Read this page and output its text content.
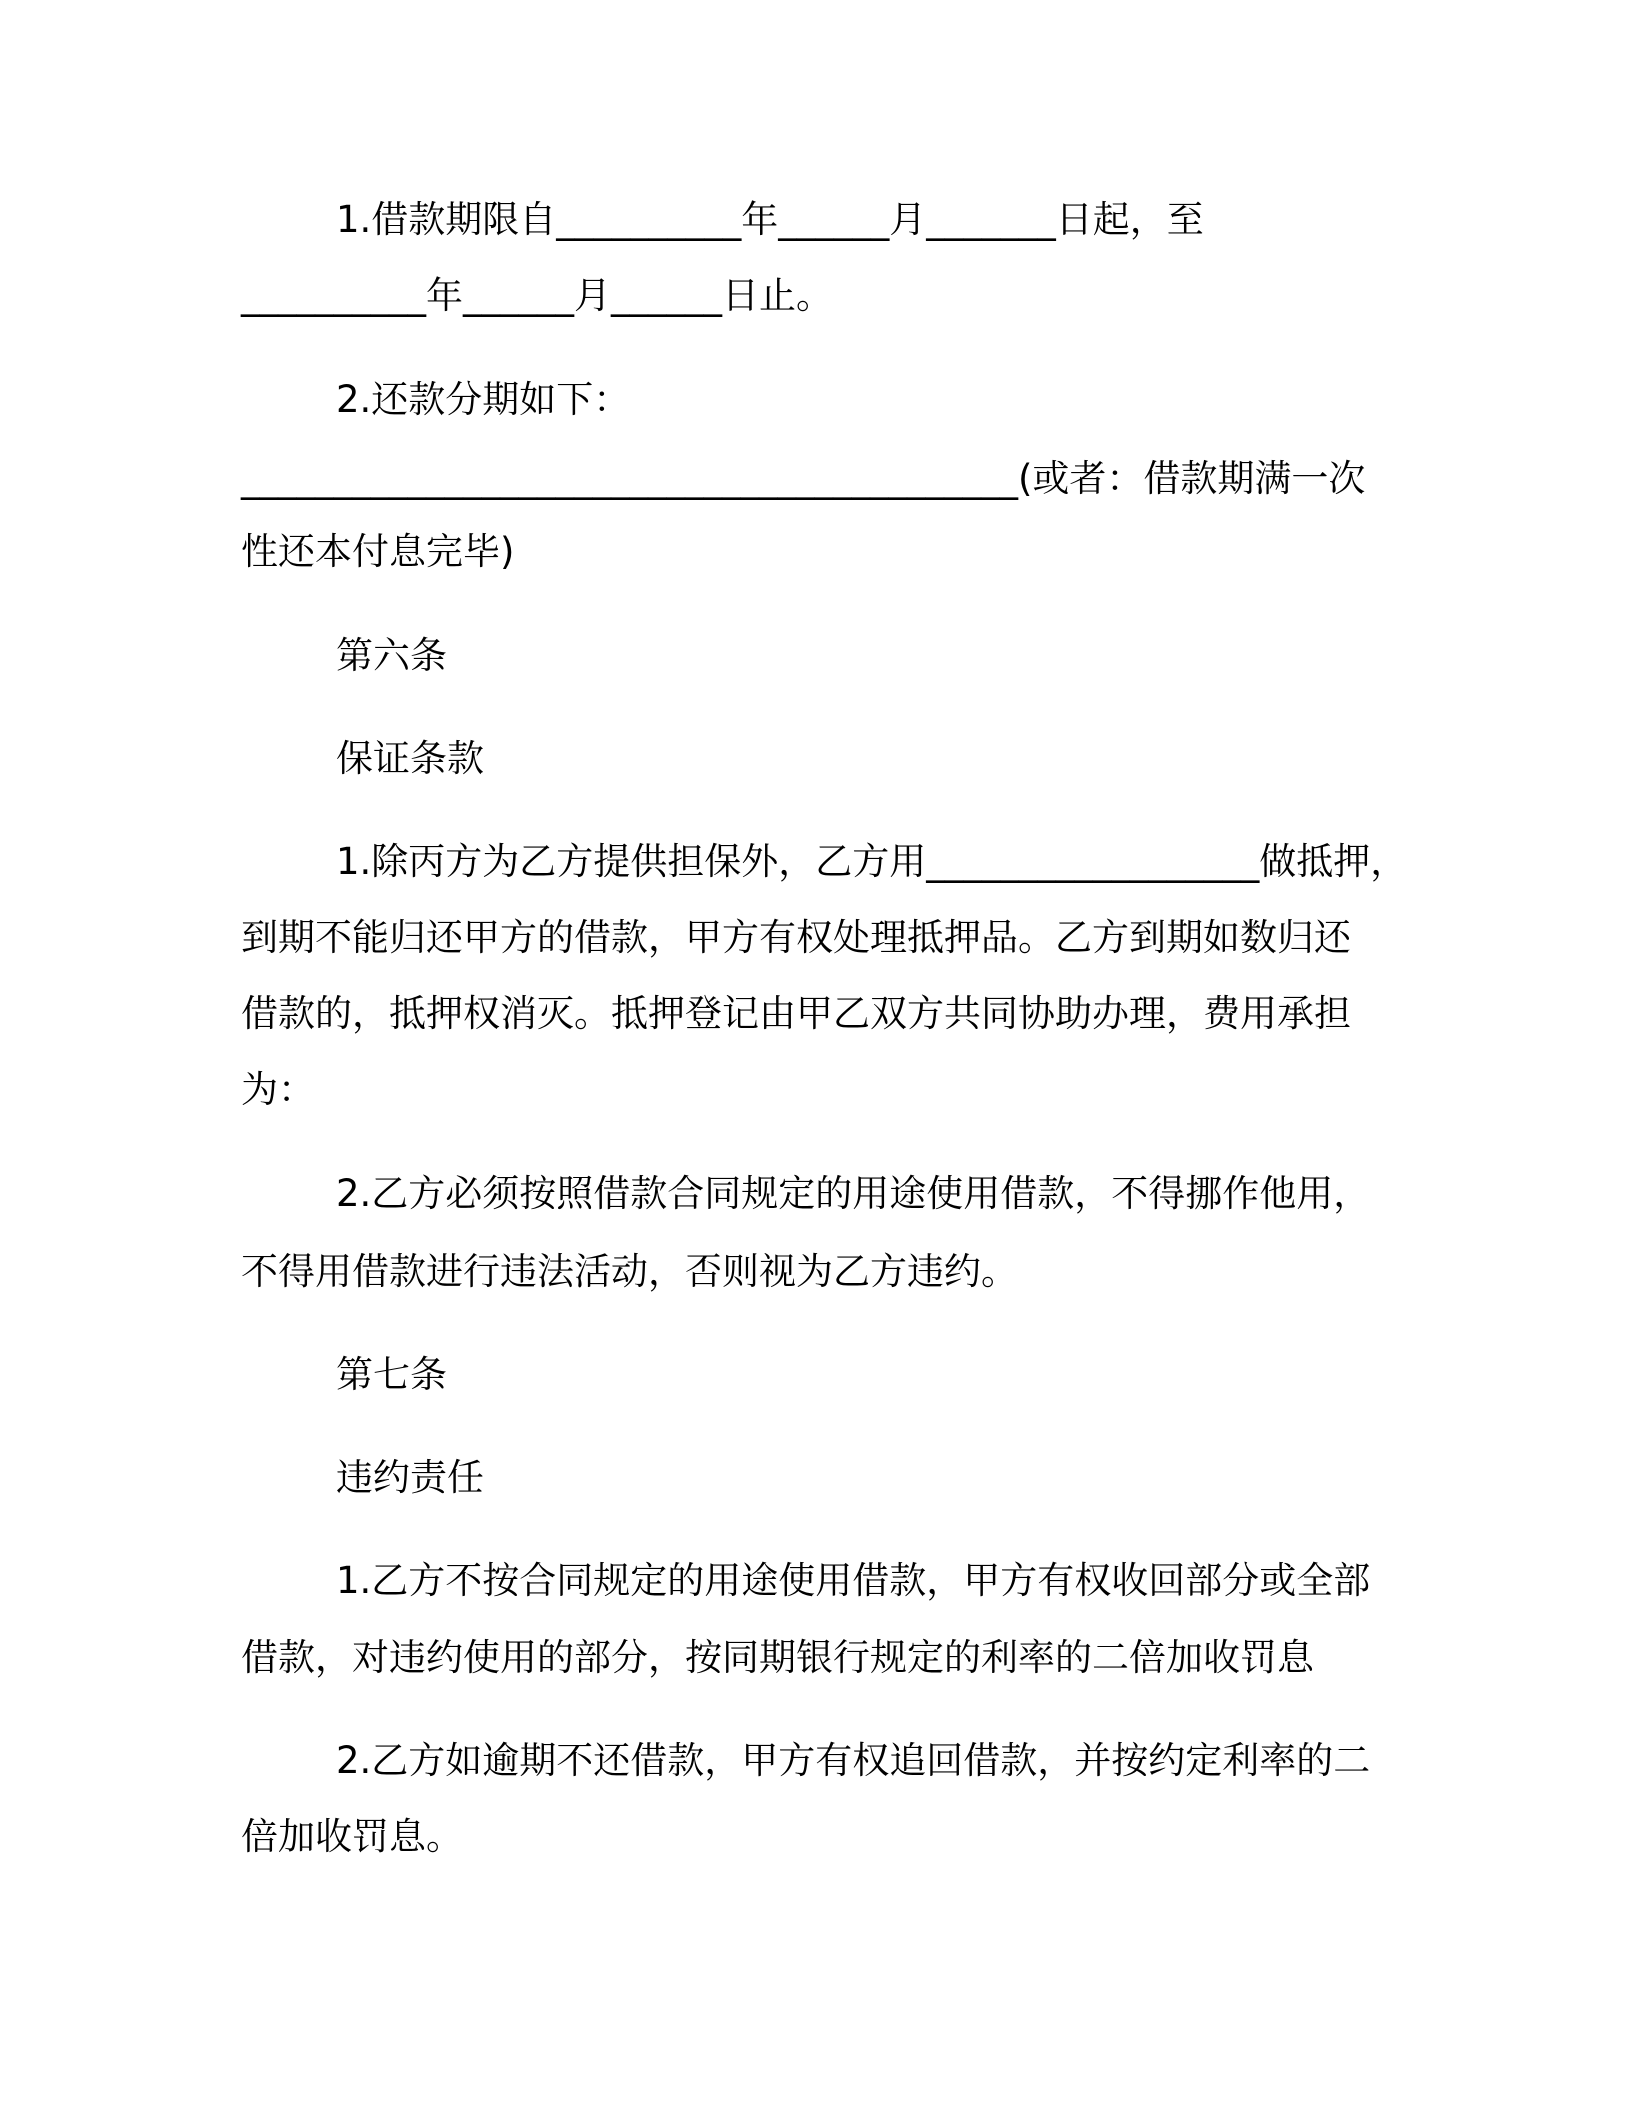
1.借款期限自__________年______月_______日起，至
__________年______月______日止。
2.还款分期如下：
__________________________________________(或者：借款期满一次
性还本付息完毕)
第六条
保证条款
1.除丙方为乙方提供担保外，乙方用__________________做抵押，
到期不能归还甲方的借款，甲方有权处理抵押品。乙方到期如数归还
借款的，抵押权消灭。抵押登记由甲乙双方共同协助办理，费用承担
为：
2.乙方必须按照借款合同规定的用途使用借款，不得挪作他用，
不得用借款进行违法活动，否则视为乙方违约。
第七条
违约责任
1.乙方不按合同规定的用途使用借款，甲方有权收回部分或全部
借款，对违约使用的部分，按同期银行规定的利率的二倍加收罚息
2.乙方如逾期不还借款，甲方有权追回借款，并按约定利率的二
倍加收罚息。
